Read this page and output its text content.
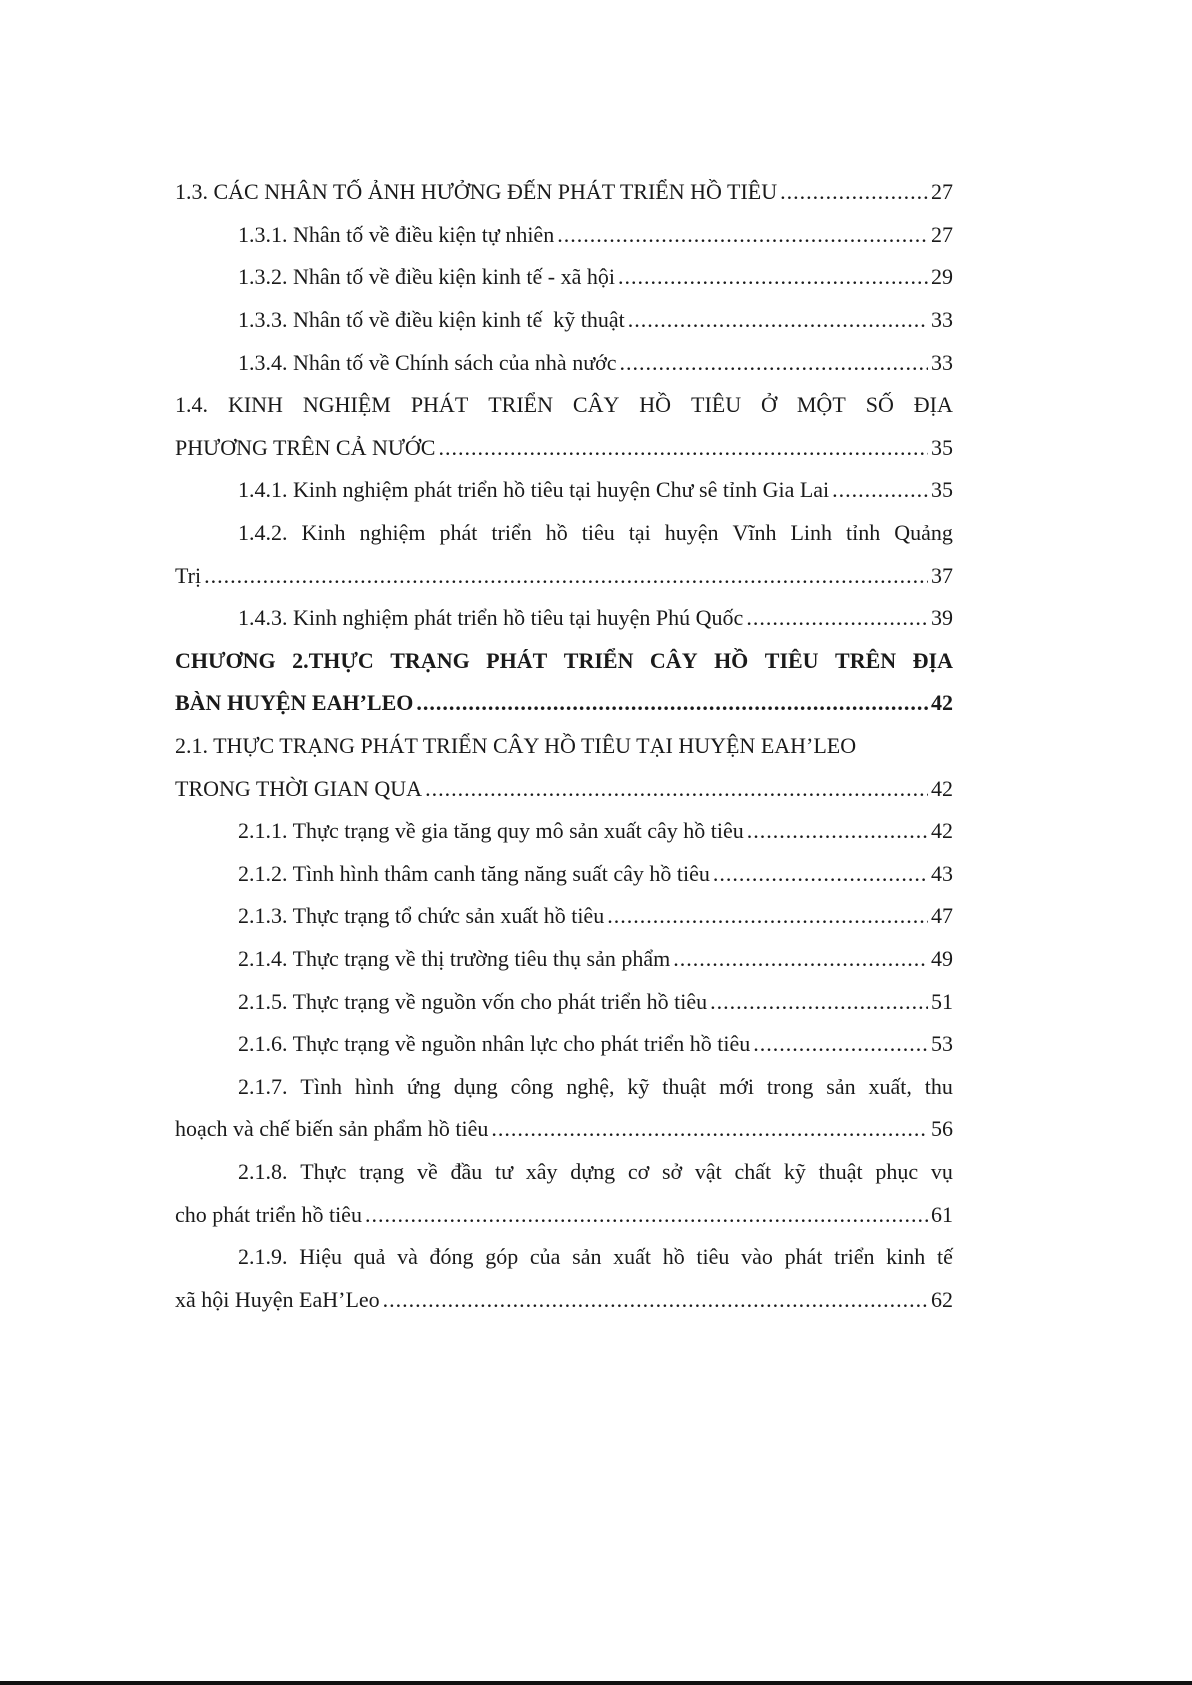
1.3. CÁC NHÂN TỐ ẢNH HƯỞNG ĐẾN PHÁT TRIỂN HỒ TIÊU .....	27
1.3.1. Nhân tố về điều kiện tự nhiên .....	27
1.3.2. Nhân tố về điều kiện kinh tế - xã hội .....	29
1.3.3. Nhân tố về điều kiện kinh tế  kỹ thuật .....	33
1.3.4. Nhân tố về Chính sách của nhà nước .....	33
1.4. KINH NGHIỆM PHÁT TRIỂN CÂY HỒ TIÊU Ở MỘT SỐ ĐỊA
PHƯƠNG TRÊN CẢ NƯỚC .....	35
1.4.1. Kinh nghiệm phát triển hồ tiêu tại huyện Chư sê tỉnh Gia Lai .....	35
1.4.2. Kinh nghiệm phát triển hồ tiêu tại huyện Vĩnh Linh tỉnh Quảng
Trị .....	37
1.4.3. Kinh nghiệm phát triển hồ tiêu tại huyện Phú Quốc .....	39
CHƯƠNG 2.THỰC TRẠNG PHÁT TRIỂN CÂY HỒ TIÊU TRÊN ĐỊA
BÀN HUYỆN EAH’LEO .....	42
2.1. THỰC TRẠNG PHÁT TRIỂN CÂY HỒ TIÊU TẠI HUYỆN EAH’LEO
TRONG THỜI GIAN QUA .....	42
2.1.1. Thực trạng về gia tăng quy mô sản xuất cây hồ tiêu .....	42
2.1.2. Tình hình thâm canh tăng năng suất cây hồ tiêu .....	43
2.1.3. Thực trạng tổ chức sản xuất hồ tiêu .....	47
2.1.4. Thực trạng về thị trường tiêu thụ sản phẩm .....	49
2.1.5. Thực trạng về nguồn vốn cho phát triển hồ tiêu .....	51
2.1.6. Thực trạng về nguồn nhân lực cho phát triển hồ tiêu .....	53
2.1.7. Tình hình ứng dụng công nghệ, kỹ thuật mới trong sản xuất, thu
hoạch và chế biến sản phẩm hồ tiêu .....	56
2.1.8. Thực trạng về đầu tư xây dựng cơ sở vật chất kỹ thuật phục vụ
cho phát triển hồ tiêu .....	61
2.1.9. Hiệu quả và đóng góp của sản xuất hồ tiêu vào phát triển kinh tế
xã hội Huyện EaH’Leo .....	62
